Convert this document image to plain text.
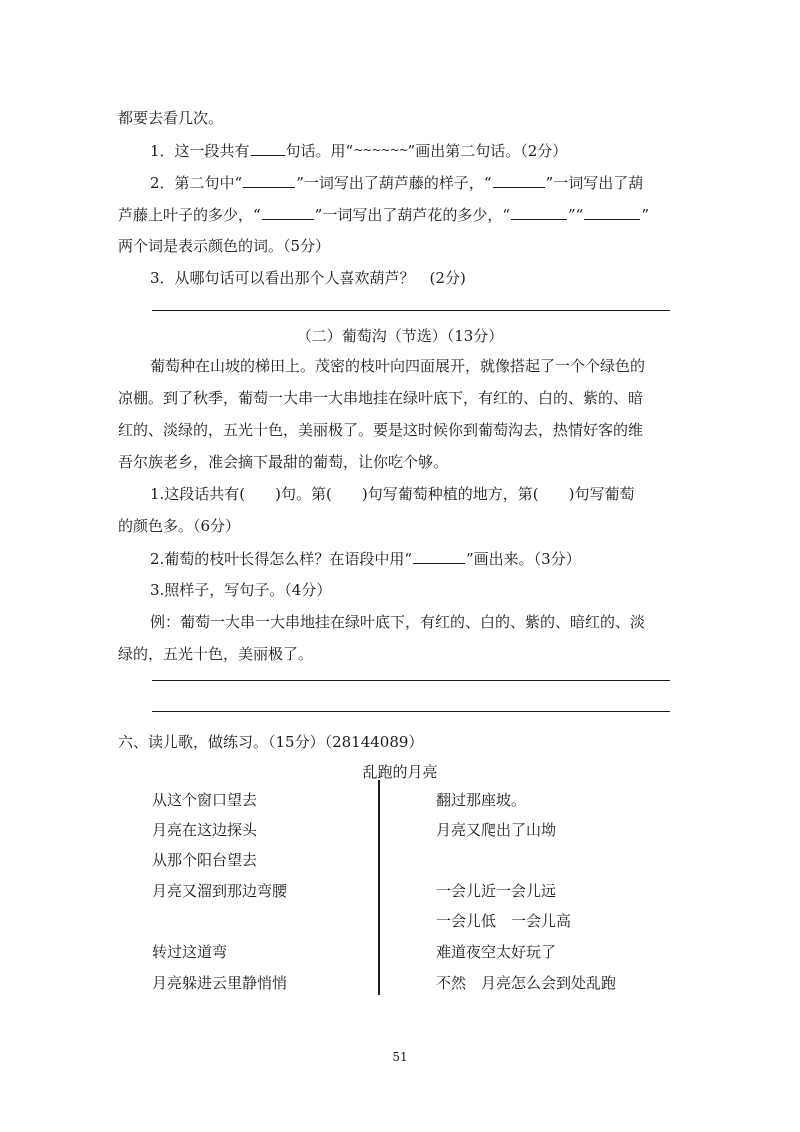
都要去看几次。
1．这一段共有 句话。用“~~~~~~”画出第二句话。（2分）
2．第二句中“	”一词写出了葫芦藤的样子，“	”一词写出了葫
芦藤上叶子的多少，“	”一词写出了葫芦花的多少，“	”“	”
两个词是表示颜色的词。（5分）
3．从哪句话可以看出那个人喜欢葫芦？　(2分)
（二）葡萄沟（节选）（13分）
葡萄种在山坡的梯田上。茂密的枝叶向四面展开，就像搭起了一个个绿色的
凉棚。到了秋季，葡萄一大串一大串地挂在绿叶底下，有红的、白的、紫的、暗
红的、淡绿的，五光十色，美丽极了。要是这时候你到葡萄沟去，热情好客的维
吾尔族老乡，准会摘下最甜的葡萄，让你吃个够。
1.这段话共有( )句。第( )句写葡萄种植的地方，第( )句写葡萄
的颜色多。（6分）
2.葡萄的枝叶长得怎么样？在语段中用“	”画出来。（3分）
3.照样子，写句子。（4分）
例：葡萄一大串一大串地挂在绿叶底下，有红的、白的、紫的、暗红的、淡
绿的，五光十色，美丽极了。
六、读儿歌，做练习。（15分）（28144089）
乱跑的月亮
从这个窗口望去
月亮在这边探头
从那个阳台望去
月亮又溜到那边弯腰
转过这道弯
月亮躲进云里静悄悄
翻过那座坡。
月亮又爬出了山坳
一会儿近一会儿远
一会儿低　一会儿高
难道夜空太好玩了
不然　月亮怎么会到处乱跑
51
